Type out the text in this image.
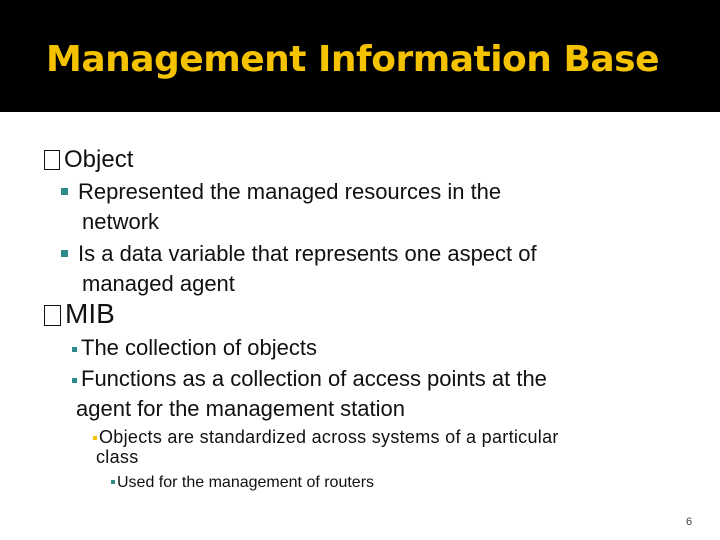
Management Information Base
Object
Represented the managed resources in the
network
Is a data variable that represents one aspect of
managed agent
MIB
The collection of objects
Functions as a collection of access points at the
agent for the management station
Objects are standardized across systems of a particular
class
Used for the management of routers
6
